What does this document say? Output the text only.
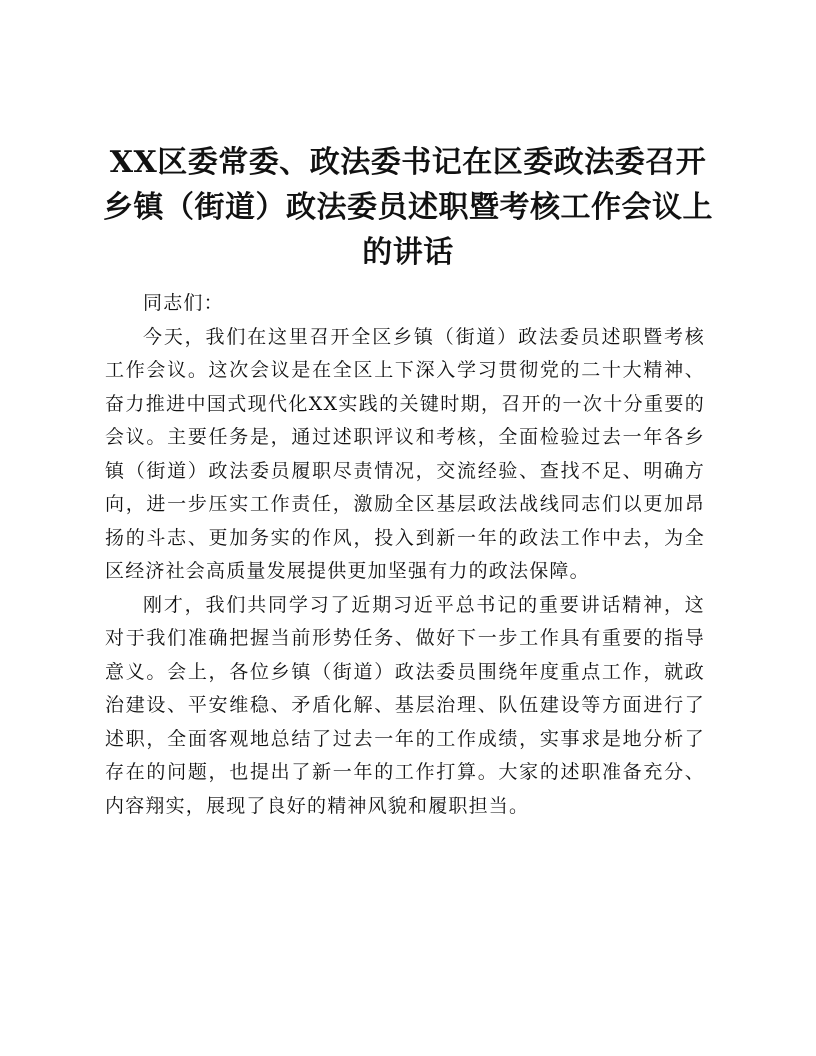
XX区委常委、政法委书记在区委政法委召开乡镇（街道）政法委员述职暨考核工作会议上的讲话

同志们：

今天，我们在这里召开全区乡镇（街道）政法委员述职暨考核工作会议。这次会议是在全区上下深入学习贯彻党的二十大精神、奋力推进中国式现代化XX实践的关键时期，召开的一次十分重要的会议。主要任务是，通过述职评议和考核，全面检验过去一年各乡镇（街道）政法委员履职尽责情况，交流经验、查找不足、明确方向，进一步压实工作责任，激励全区基层政法战线同志们以更加昂扬的斗志、更加务实的作风，投入到新一年的政法工作中去，为全区经济社会高质量发展提供更加坚强有力的政法保障。

刚才，我们共同学习了近期习近平总书记的重要讲话精神，这对于我们准确把握当前形势任务、做好下一步工作具有重要的指导意义。会上，各位乡镇（街道）政法委员围绕年度重点工作，就政治建设、平安维稳、矛盾化解、基层治理、队伍建设等方面进行了述职，全面客观地总结了过去一年的工作成绩，实事求是地分析了存在的问题，也提出了新一年的工作打算。大家的述职准备充分、内容翔实，展现了良好的精神风貌和履职担当。
